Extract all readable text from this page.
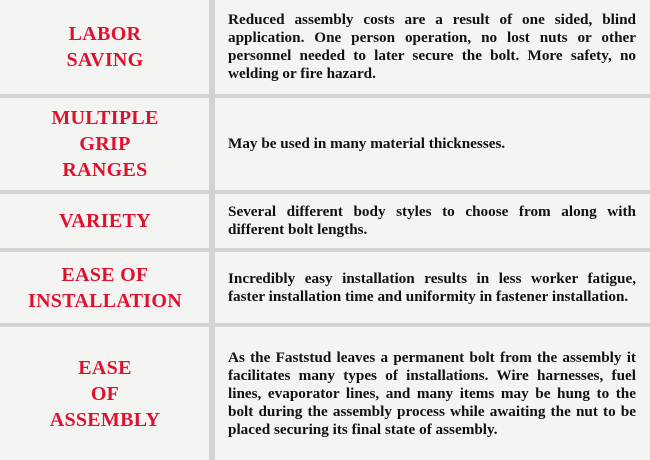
LABOR
SAVING
Reduced assembly costs are a result of one sided, blind application. One person operation, no lost nuts or other personnel needed to later secure the bolt. More safety, no welding or fire hazard.
MULTIPLE
GRIP
RANGES
May be used in many material thicknesses.
VARIETY	Several different body styles to choose from along with different bolt lengths.
EASE OF
INSTALLATION
Incredibly easy installation results in less worker fatigue, faster installation time and uniformity in fastener installation.
EASE
OF
ASSEMBLY
As the Faststud leaves a permanent bolt from the assembly it facilitates many types of installations. Wire harnesses, fuel lines, evaporator lines, and many items may be hung to the bolt during the assembly process while awaiting the nut to be placed securing its final state of assembly.
